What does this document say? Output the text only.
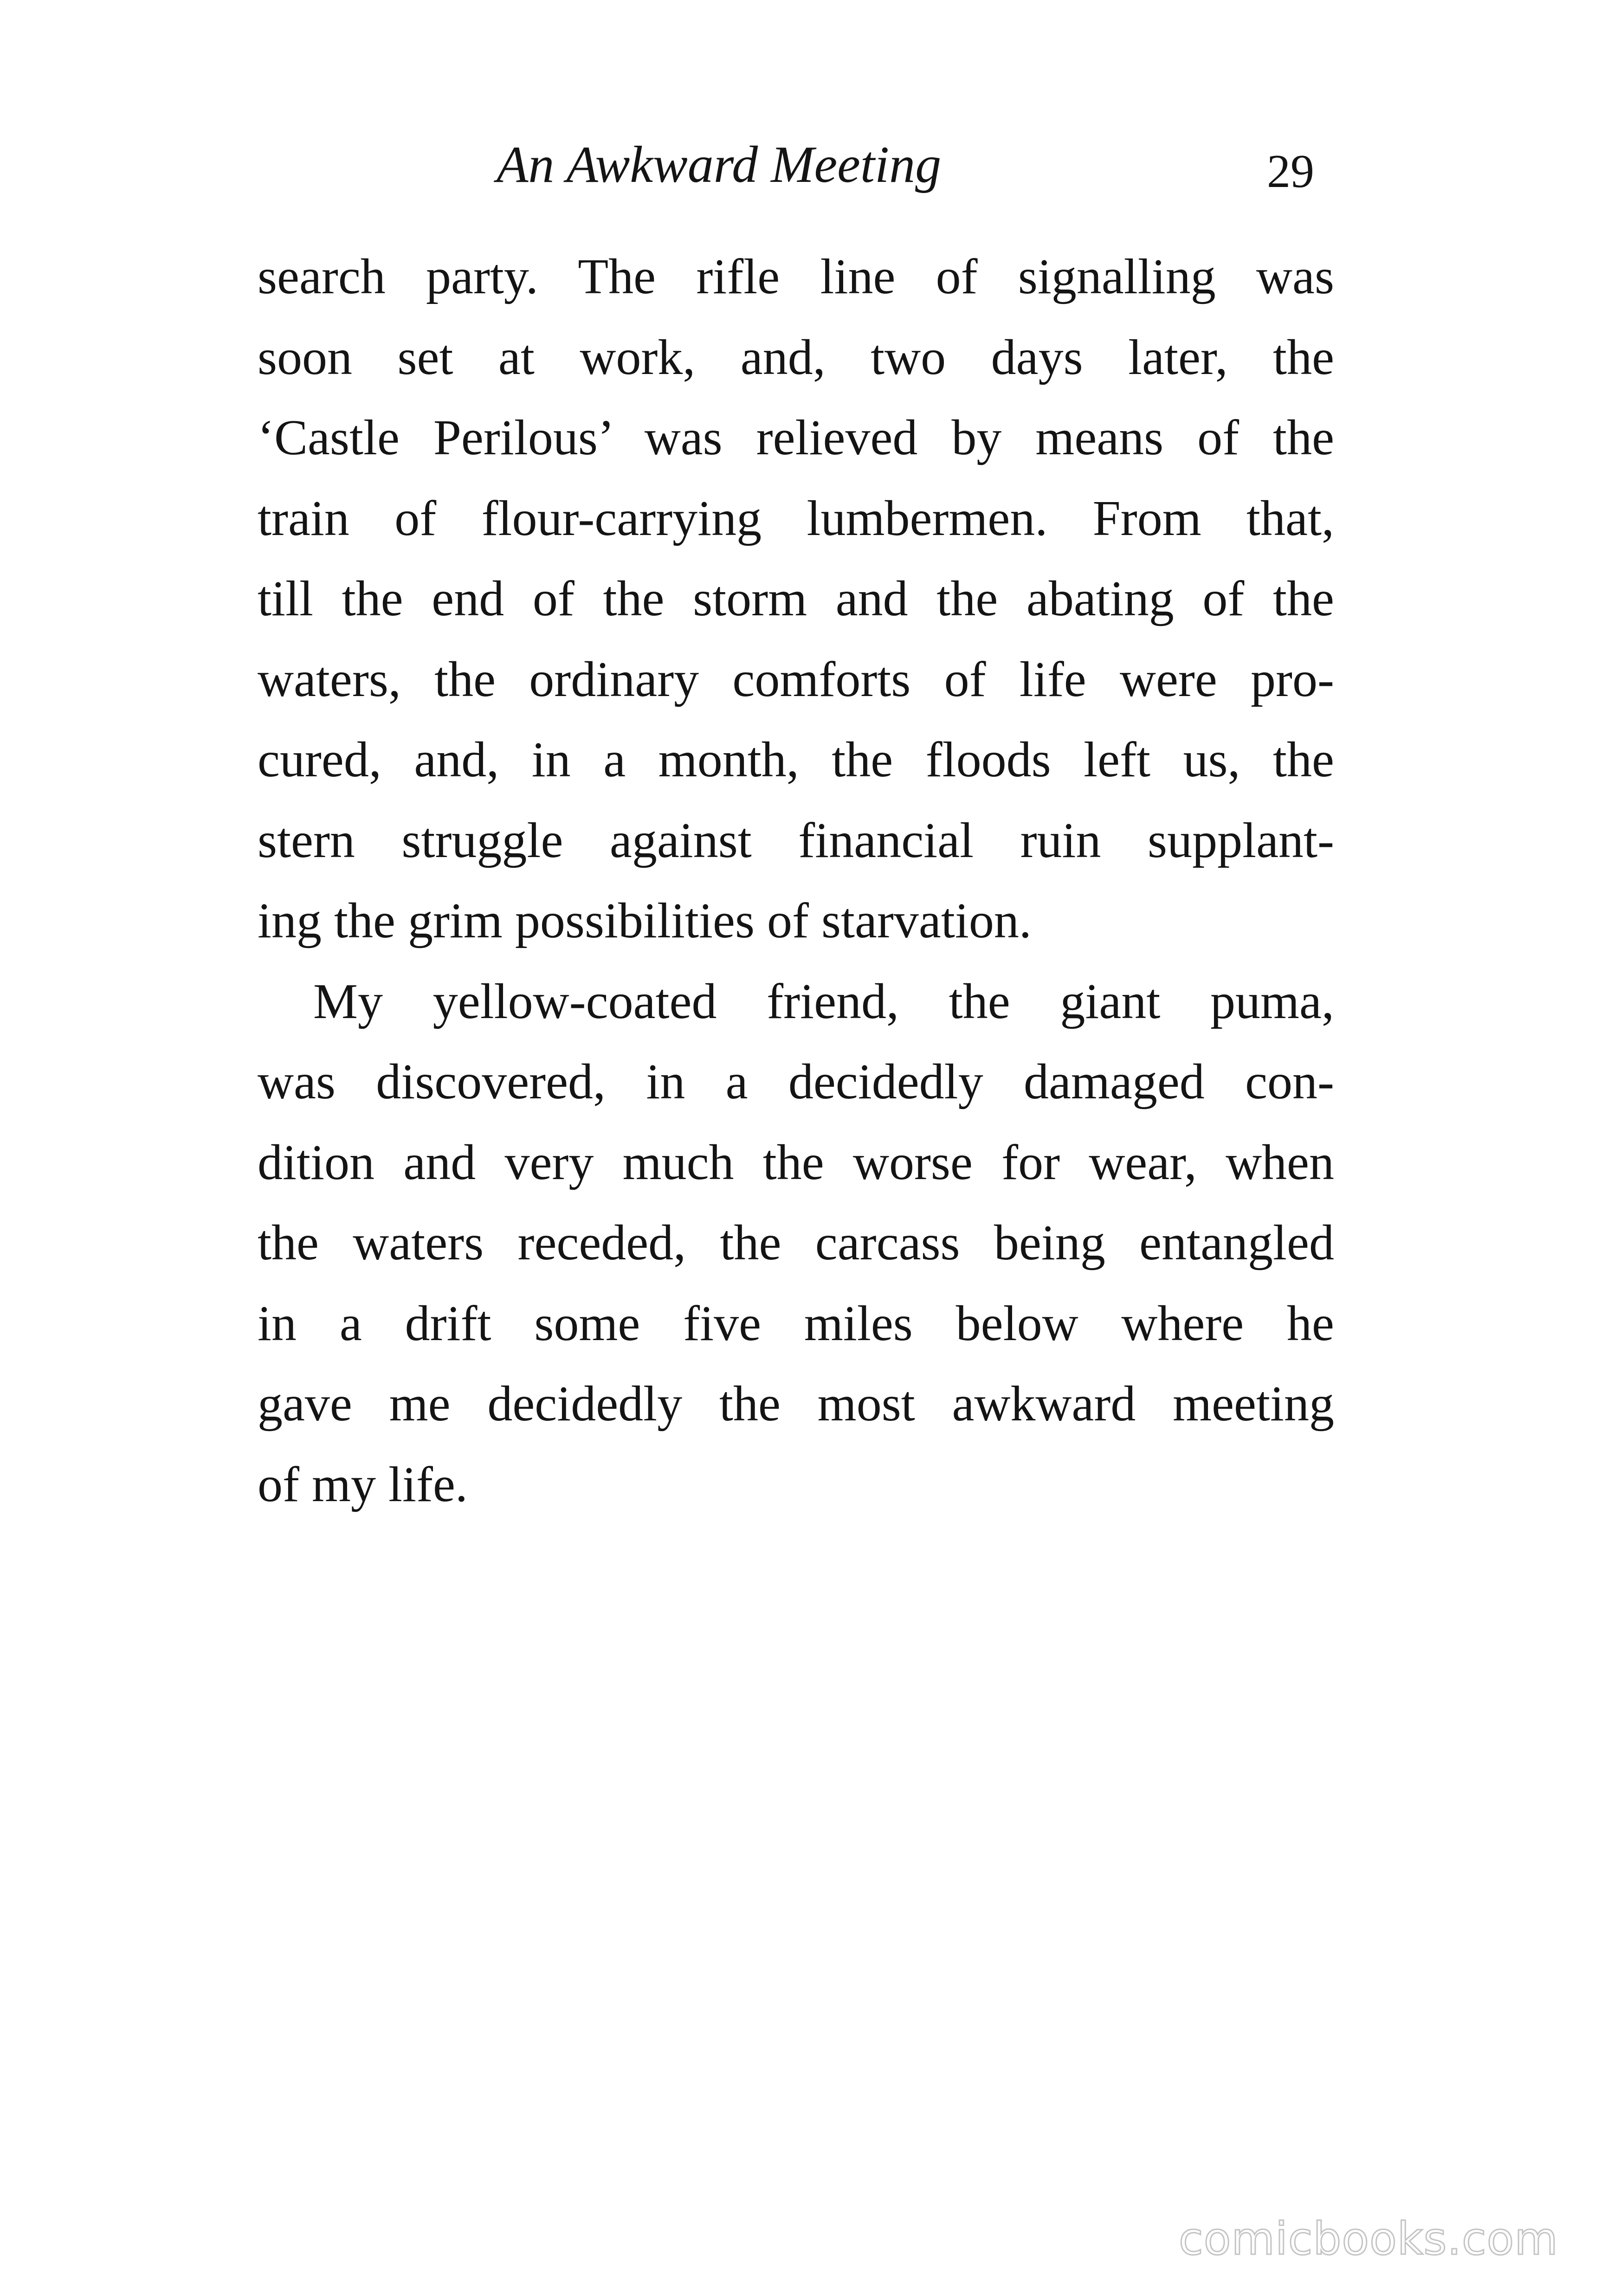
An Awkward Meeting	29
search party. The rifle line of signalling was
soon set at work, and, two days later, the
‘Castle Perilous’ was relieved by means of the
train of flour-carrying lumbermen. From that,
till the end of the storm and the abating of the
waters, the ordinary comforts of life were pro-
cured, and, in a month, the floods left us, the
stern struggle against financial ruin supplant-
ing the grim possibilities of starvation.
My yellow-coated friend, the giant puma,
was discovered, in a decidedly damaged con-
dition and very much the worse for wear, when
the waters receded, the carcass being entangled
in a drift some five miles below where he
gave me decidedly the most awkward meeting
of my life.
comicbooks.com
